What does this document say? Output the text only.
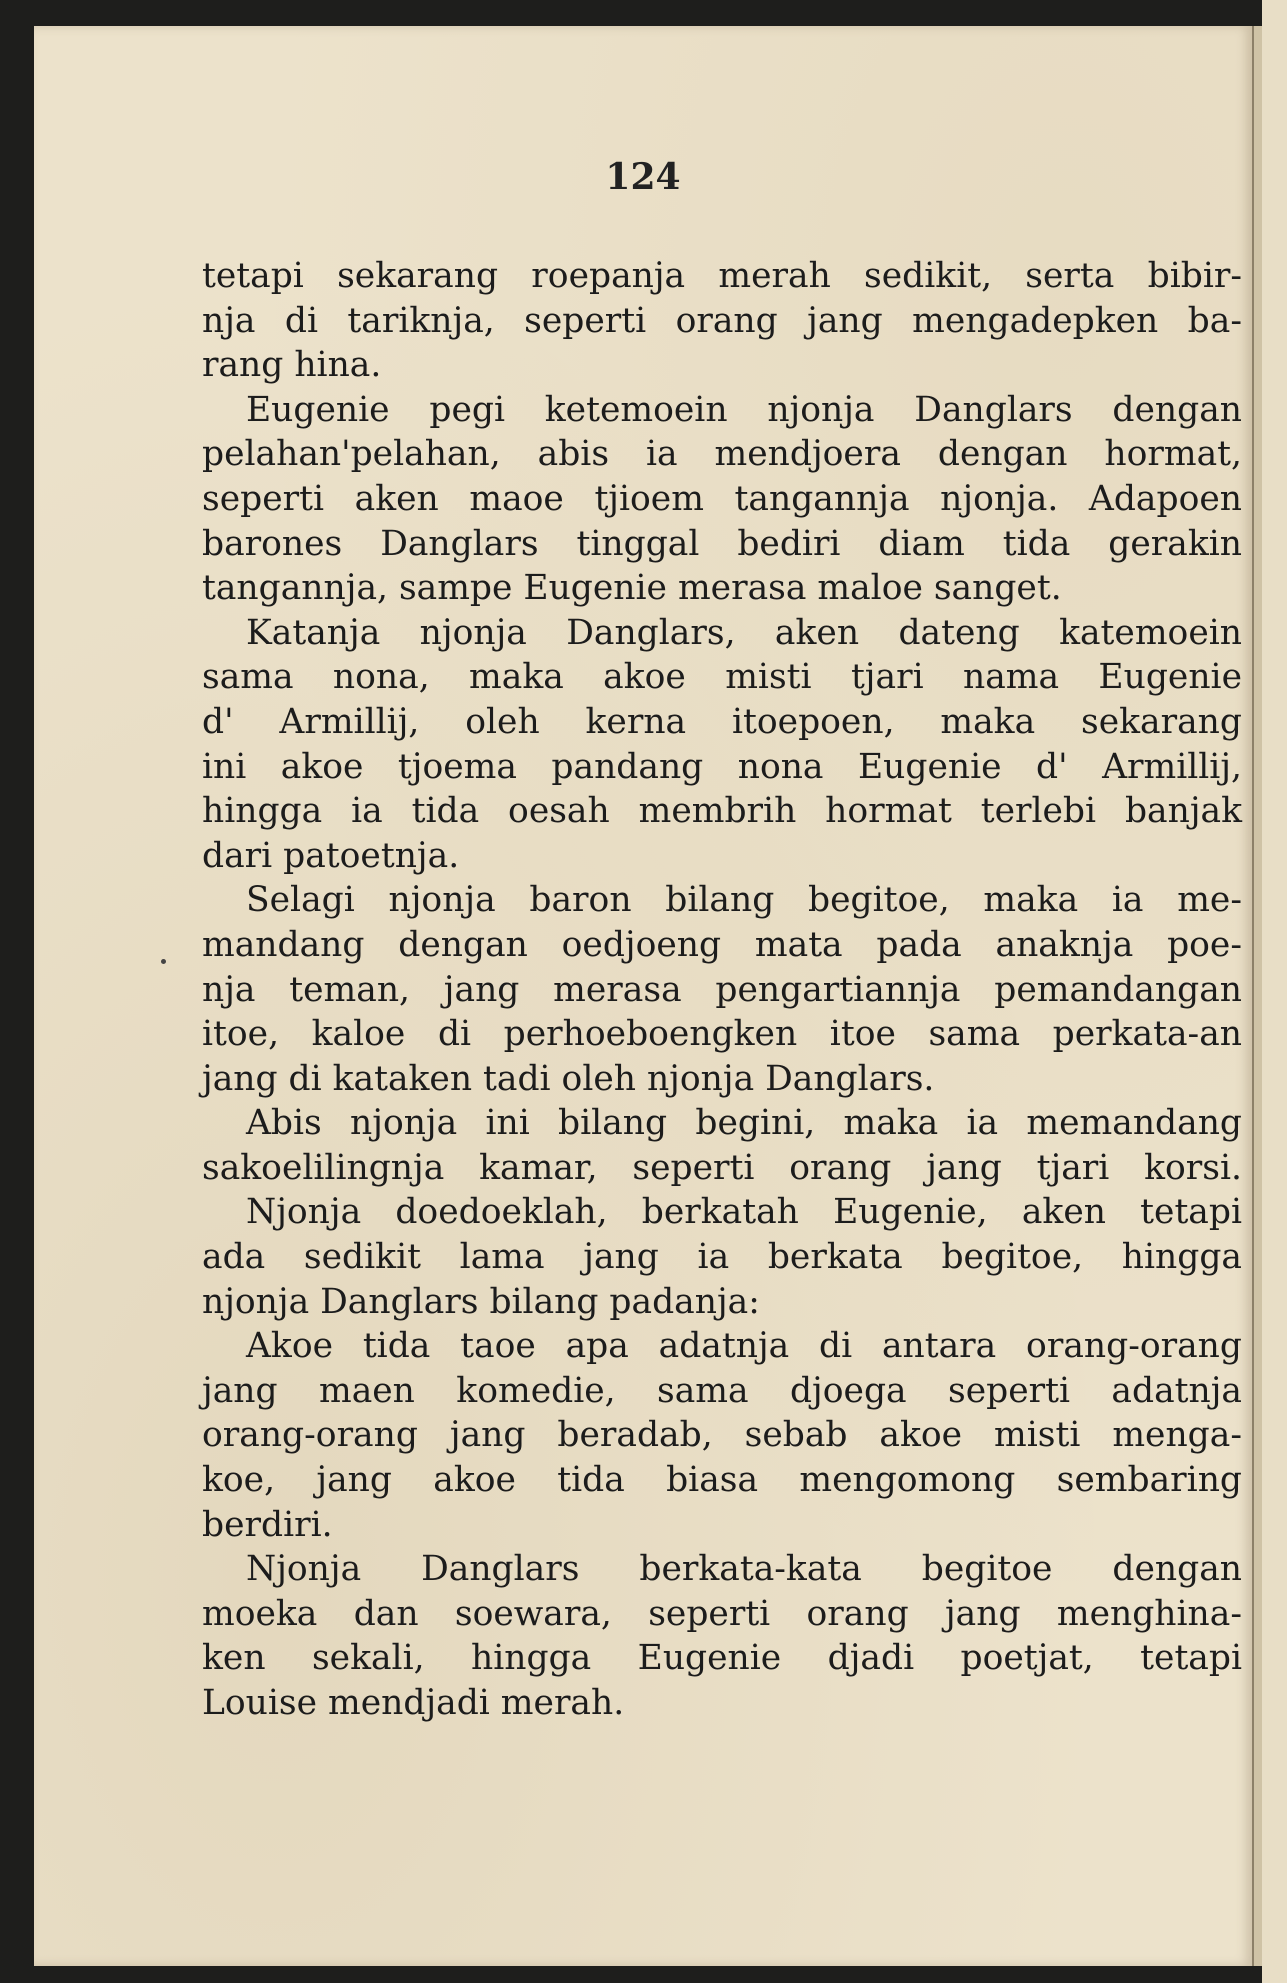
124
tetapi sekarang roepanja merah sedikit, serta bibir-
nja di tariknja, seperti orang jang mengadepken ba-
rang hina.
Eugenie pegi ketemoein njonja Danglars dengan
pelahan'pelahan, abis ia mendjoera dengan hormat,
seperti aken maoe tjioem tangannja njonja. Adapoen
barones Danglars tinggal bediri diam tida gerakin
tangannja, sampe Eugenie merasa maloe sanget.
Katanja njonja Danglars, aken dateng katemoein
sama nona, maka akoe misti tjari nama Eugenie
d' Armillij, oleh kerna itoepoen, maka sekarang
ini akoe tjoema pandang nona Eugenie d' Armillij,
hingga ia tida oesah membrih hormat terlebi banjak
dari patoetnja.
Selagi njonja baron bilang begitoe, maka ia me-
mandang dengan oedjoeng mata pada anaknja poe-
nja teman, jang merasa pengartiannja pemandangan
itoe, kaloe di perhoeboengken itoe sama perkata-an
jang di kataken tadi oleh njonja Danglars.
Abis njonja ini bilang begini, maka ia memandang
sakoelilingnja kamar, seperti orang jang tjari korsi.
Njonja doedoeklah, berkatah Eugenie, aken tetapi
ada sedikit lama jang ia berkata begitoe, hingga
njonja Danglars bilang padanja:
Akoe tida taoe apa adatnja di antara orang-orang
jang maen komedie, sama djoega seperti adatnja
orang-orang jang beradab, sebab akoe misti menga-
koe, jang akoe tida biasa mengomong sembaring
berdiri.
Njonja Danglars berkata-kata begitoe dengan
moeka dan soewara, seperti orang jang menghina-
ken sekali, hingga Eugenie djadi poetjat, tetapi
Louise mendjadi merah.
